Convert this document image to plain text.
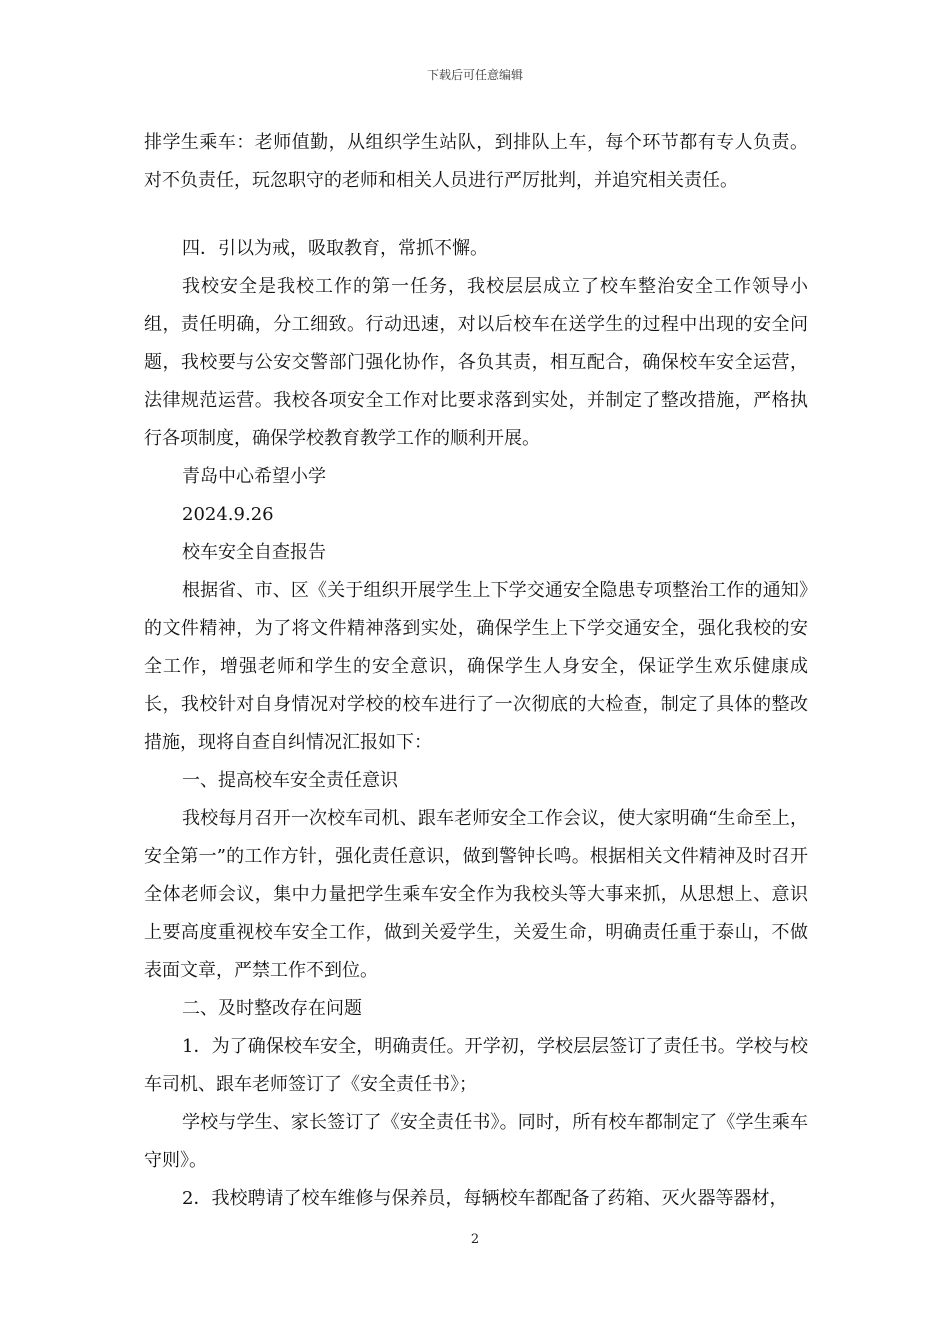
下载后可任意编辑

排学生乘车：老师值勤，从组织学生站队，到排队上车，每个环节都有专人负责。对不负责任，玩忽职守的老师和相关人员进行严厉批判，并追究相关责任。

四．引以为戒，吸取教育，常抓不懈。

我校安全是我校工作的第一任务，我校层层成立了校车整治安全工作领导小组，责任明确，分工细致。行动迅速，对以后校车在送学生的过程中出现的安全问题，我校要与公安交警部门强化协作，各负其责，相互配合，确保校车安全运营，法律规范运营。我校各项安全工作对比要求落到实处，并制定了整改措施，严格执行各项制度，确保学校教育教学工作的顺利开展。

青岛中心希望小学

2024.9.26

校车安全自查报告

根据省、市、区《关于组织开展学生上下学交通安全隐患专项整治工作的通知》的文件精神，为了将文件精神落到实处，确保学生上下学交通安全，强化我校的安全工作，增强老师和学生的安全意识，确保学生人身安全，保证学生欢乐健康成长，我校针对自身情况对学校的校车进行了一次彻底的大检查，制定了具体的整改措施，现将自查自纠情况汇报如下：

一、提高校车安全责任意识

我校每月召开一次校车司机、跟车老师安全工作会议，使大家明确“生命至上，安全第一”的工作方针，强化责任意识，做到警钟长鸣。根据相关文件精神及时召开全体老师会议，集中力量把学生乘车安全作为我校头等大事来抓，从思想上、意识上要高度重视校车安全工作，做到关爱学生，关爱生命，明确责任重于泰山，不做表面文章，严禁工作不到位。

二、及时整改存在问题

1．为了确保校车安全，明确责任。开学初，学校层层签订了责任书。学校与校车司机、跟车老师签订了《安全责任书》；

学校与学生、家长签订了《安全责任书》。同时，所有校车都制定了《学生乘车守则》。

2．我校聘请了校车维修与保养员，每辆校车都配备了药箱、灭火器等器材，

2
